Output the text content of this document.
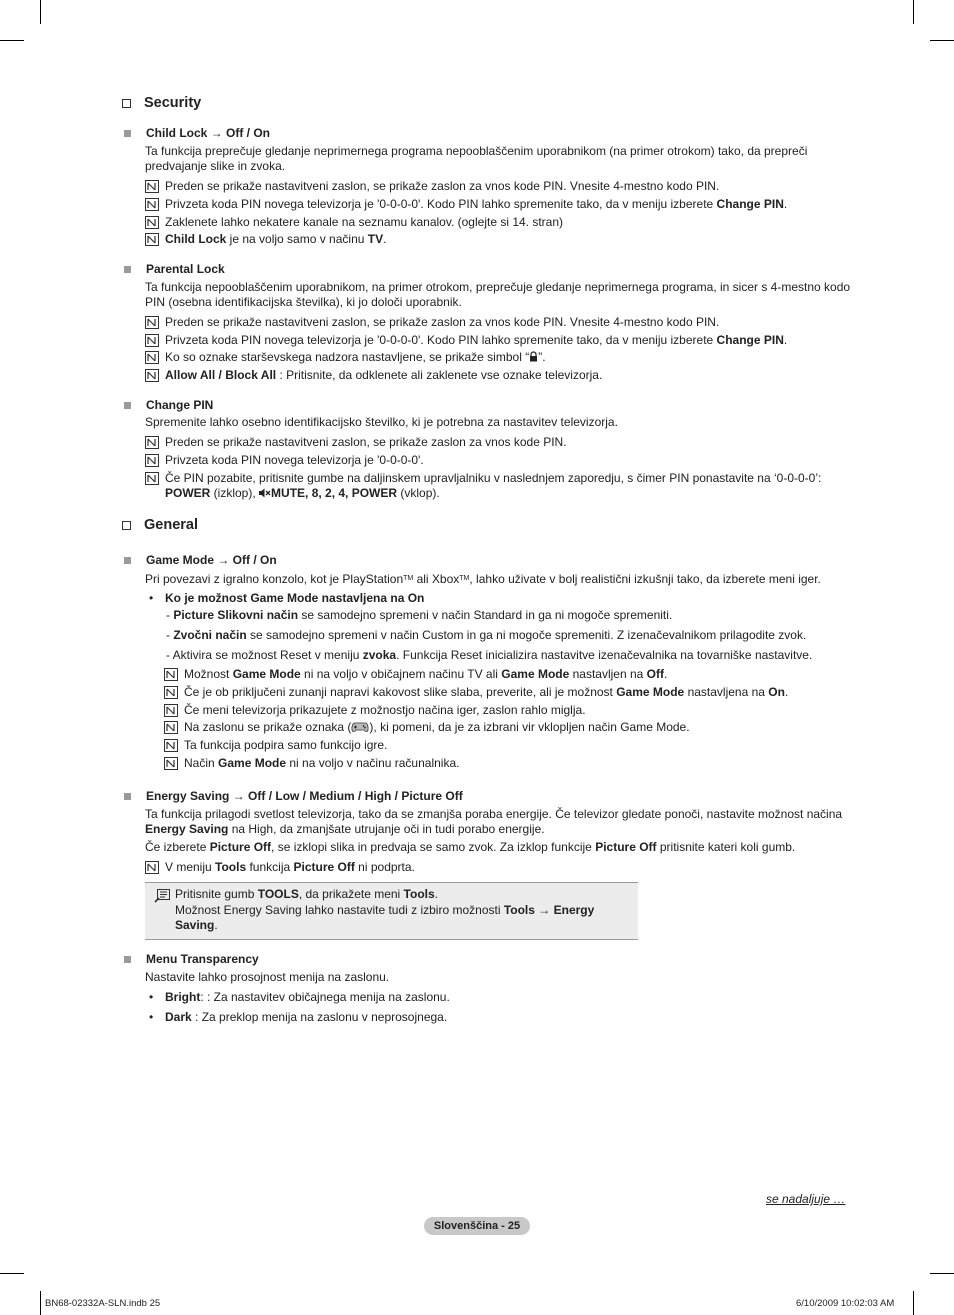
Security
Child Lock → Off / On
Ta funkcija preprečuje gledanje neprimernega programa nepooblaščenim uporabnikom (na primer otrokom) tako, da prepreči predvajanje slike in zvoka.
Preden se prikaže nastavitveni zaslon, se prikaže zaslon za vnos kode PIN. Vnesite 4-mestno kodo PIN.
Privzeta koda PIN novega televizorja je '0-0-0-0'. Kodo PIN lahko spremenite tako, da v meniju izberete Change PIN.
Zaklenete lahko nekatere kanale na seznamu kanalov. (oglejte si 14. stran)
Child Lock je na voljo samo v načinu TV.
Parental Lock
Ta funkcija nepooblaščenim uporabnikom, na primer otrokom, preprečuje gledanje neprimernega programa, in sicer s 4-mestno kodo PIN (osebna identifikacijska številka), ki jo določi uporabnik.
Preden se prikaže nastavitveni zaslon, se prikaže zaslon za vnos kode PIN. Vnesite 4-mestno kodo PIN.
Privzeta koda PIN novega televizorja je '0-0-0-0'. Kodo PIN lahko spremenite tako, da v meniju izberete Change PIN.
Ko so oznake starševskega nadzora nastavljene, se prikaže simbol “ ”.
Allow All / Block All : Pritisnite, da odklenete ali zaklenete vse oznake televizorja.
Change PIN
Spremenite lahko osebno identifikacijsko številko, ki je potrebna za nastavitev televizorja.
Preden se prikaže nastavitveni zaslon, se prikaže zaslon za vnos kode PIN.
Privzeta koda PIN novega televizorja je '0-0-0-0'.
Če PIN pozabite, pritisnite gumbe na daljinskem upravljalniku v naslednjem zaporedju, s čimer PIN ponastavite na ‘0-0-0-0’:
POWER (izklop), MUTE, 8, 2, 4, POWER (vklop).
General
Game Mode → Off / On
Pri povezavi z igralno konzolo, kot je PlayStation™ ali Xbox™, lahko uživate v bolj realistični izkušnji tako, da izberete meni iger.
• Ko je možnost Game Mode nastavljena na On
- Picture Slikovni način se samodejno spremeni v način Standard in ga ni mogoče spremeniti.
- Zvočni način se samodejno spremeni v način Custom in ga ni mogoče spremeniti. Z izenačevalnikom prilagodite zvok.
- Aktivira se možnost Reset v meniju zvoka. Funkcija Reset inicializira nastavitve izenačevalnika na tovarniške nastavitve.
Možnost Game Mode ni na voljo v običajnem načinu TV ali Game Mode nastavljen na Off.
Če je ob priključeni zunanji napravi kakovost slike slaba, preverite, ali je možnost Game Mode nastavljena na On.
Če meni televizorja prikazujete z možnostjo načina iger, zaslon rahlo miglja.
Na zaslonu se prikaže oznaka ( ), ki pomeni, da je za izbrani vir vklopljen način Game Mode.
Ta funkcija podpira samo funkcijo igre.
Način Game Mode ni na voljo v načinu računalnika.
Energy Saving → Off / Low / Medium / High / Picture Off
Ta funkcija prilagodi svetlost televizorja, tako da se zmanjša poraba energije. Če televizor gledate ponoči, nastavite možnost načina Energy Saving na High, da zmanjšate utrujanje oči in tudi porabo energije.
Če izberete Picture Off, se izklopi slika in predvaja se samo zvok. Za izklop funkcije Picture Off pritisnite kateri koli gumb.
V meniju Tools funkcija Picture Off ni podprta.
Pritisnite gumb TOOLS, da prikažete meni Tools.
Možnost Energy Saving lahko nastavite tudi z izbiro možnosti Tools → Energy
Saving.
Menu Transparency
Nastavite lahko prosojnost menija na zaslonu.
• Bright: : Za nastavitev običajnega menija na zaslonu.
• Dark : Za preklop menija na zaslonu v neprosojnega.
se nadaljuje …
Slovenščina - 25
BN68-02332A-SLN.indb 25	6/10/2009 10:02:03 AM
